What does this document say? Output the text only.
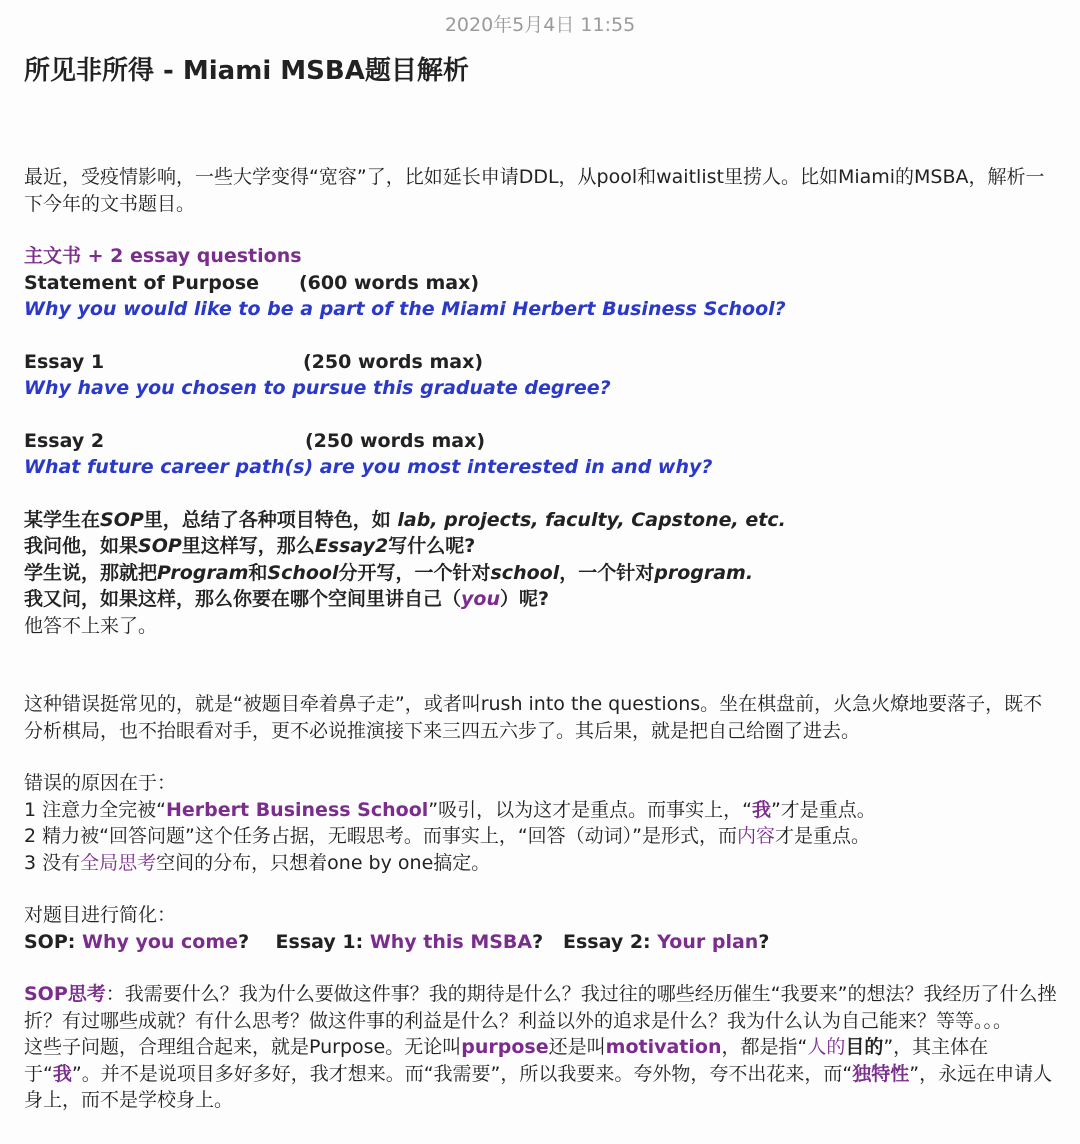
2020年5月4日 11:55
所见非所得 - Miami MSBA题目解析

最近，受疫情影响，一些大学变得“宽容”了，比如延长申请DDL，从pool和waitlist里捞人。比如Miami的MSBA，解析一下今年的文书题目。

主文书 + 2 essay questions

Statement of Purpose (600 words max)

Why you would like to be a part of the Miami Herbert Business School?

Essay 1	(250 words max)

Why have you chosen to pursue this graduate degree?

Essay 2	(250 words max)

What future career path(s) are you most interested in and why?

某学生在SOP里，总结了各种项目特色，如 lab, projects, faculty, Capstone, etc.

我问他，如果SOP里这样写，那么Essay2写什么呢?

学生说，那就把Program和School分开写，一个针对school，一个针对program.

我又问，如果这样，那么你要在哪个空间里讲自己（you）呢?

他答不上来了。

这种错误挺常见的，就是“被题目牵着鼻子走”，或者叫rush into the questions。坐在棋盘前，火急火燎地要落子，既不分析棋局，也不抬眼看对手，更不必说推演接下来三四五六步了。其后果，就是把自己给圈了进去。

错误的原因在于：

1 注意力全完被“Herbert Business School”吸引，以为这才是重点。而事实上，“我”才是重点。

2 精力被“回答问题”这个任务占据，无暇思考。而事实上，“回答（动词）”是形式，而内容才是重点。

3 没有全局思考空间的分布，只想着one by one搞定。

对题目进行简化：

SOP: Why you come?    Essay 1: Why this MSBA?   Essay 2: Your plan?

SOP思考：我需要什么？我为什么要做这件事？我的期待是什么？我过往的哪些经历催生“我要来”的想法？我经历了什么挫折？有过哪些成就？有什么思考？做这件事的利益是什么？利益以外的追求是什么？我为什么认为自己能来？等等。。。

这些子问题，合理组合起来，就是Purpose。无论叫purpose还是叫motivation，都是指“人的目的”，其主体在于“我”。并不是说项目多好多好，我才想来。而“我需要”，所以我要来。夸外物，夸不出花来，而“独特性”，永远在申请人身上，而不是学校身上。
